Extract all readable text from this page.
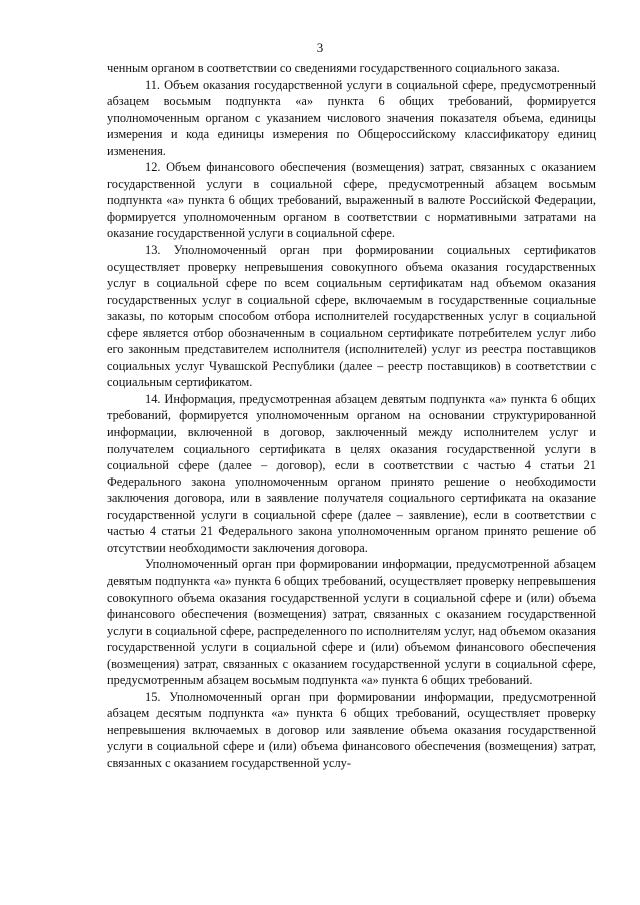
3

ченным органом в соответствии со сведениями государственного социального заказа.

11. Объем оказания государственной услуги в социальной сфере, предусмотренный абзацем восьмым подпункта «а» пункта 6 общих требований, формируется уполномоченным органом с указанием числового значения показателя объема, единицы измерения и кода единицы измерения по Общероссийскому классификатору единиц изменения.

12. Объем финансового обеспечения (возмещения) затрат, связанных с оказанием государственной услуги в социальной сфере, предусмотренный абзацем восьмым подпункта «а» пункта 6 общих требований, выраженный в валюте Российской Федерации, формируется уполномоченным органом в соответствии с нормативными затратами на оказание государственной услуги в социальной сфере.

13. Уполномоченный орган при формировании социальных сертификатов осуществляет проверку непревышения совокупного объема оказания государственных услуг в социальной сфере по всем социальным сертификатам над объемом оказания государственных услуг в социальной сфере, включаемым в государственные социальные заказы, по которым способом отбора исполнителей государственных услуг в социальной сфере является отбор обозначенным в социальном сертификате потребителем услуг либо его законным представителем исполнителя (исполнителей) услуг из реестра поставщиков социальных услуг Чувашской Республики (далее – реестр поставщиков) в соответствии с социальным сертификатом.

14. Информация, предусмотренная абзацем девятым подпункта «а» пункта 6 общих требований, формируется уполномоченным органом на основании структурированной информации, включенной в договор, заключенный между исполнителем услуг и получателем социального сертификата в целях оказания государственной услуги в социальной сфере (далее – договор), если в соответствии с частью 4 статьи 21 Федерального закона уполномоченным органом принято решение о необходимости заключения договора, или в заявление получателя социального сертификата на оказание государственной услуги в социальной сфере (далее – заявление), если в соответствии с частью 4 статьи 21 Федерального закона уполномоченным органом принято решение об отсутствии необходимости заключения договора.

Уполномоченный орган при формировании информации, предусмотренной абзацем девятым подпункта «а» пункта 6 общих требований, осуществляет проверку непревышения совокупного объема оказания государственной услуги в социальной сфере и (или) объема финансового обеспечения (возмещения) затрат, связанных с оказанием государственной услуги в социальной сфере, распределенного по исполнителям услуг, над объемом оказания государственной услуги в социальной сфере и (или) объемом финансового обеспечения (возмещения) затрат, связанных с оказанием государственной услуги в социальной сфере, предусмотренным абзацем восьмым подпункта «а» пункта 6 общих требований.

15. Уполномоченный орган при формировании информации, предусмотренной абзацем десятым подпункта «а» пункта 6 общих требований, осуществляет проверку непревышения включаемых в договор или заявление объема оказания государственной услуги в социальной сфере и (или) объема финансового обеспечения (возмещения) затрат, связанных с оказанием государственной услу-
